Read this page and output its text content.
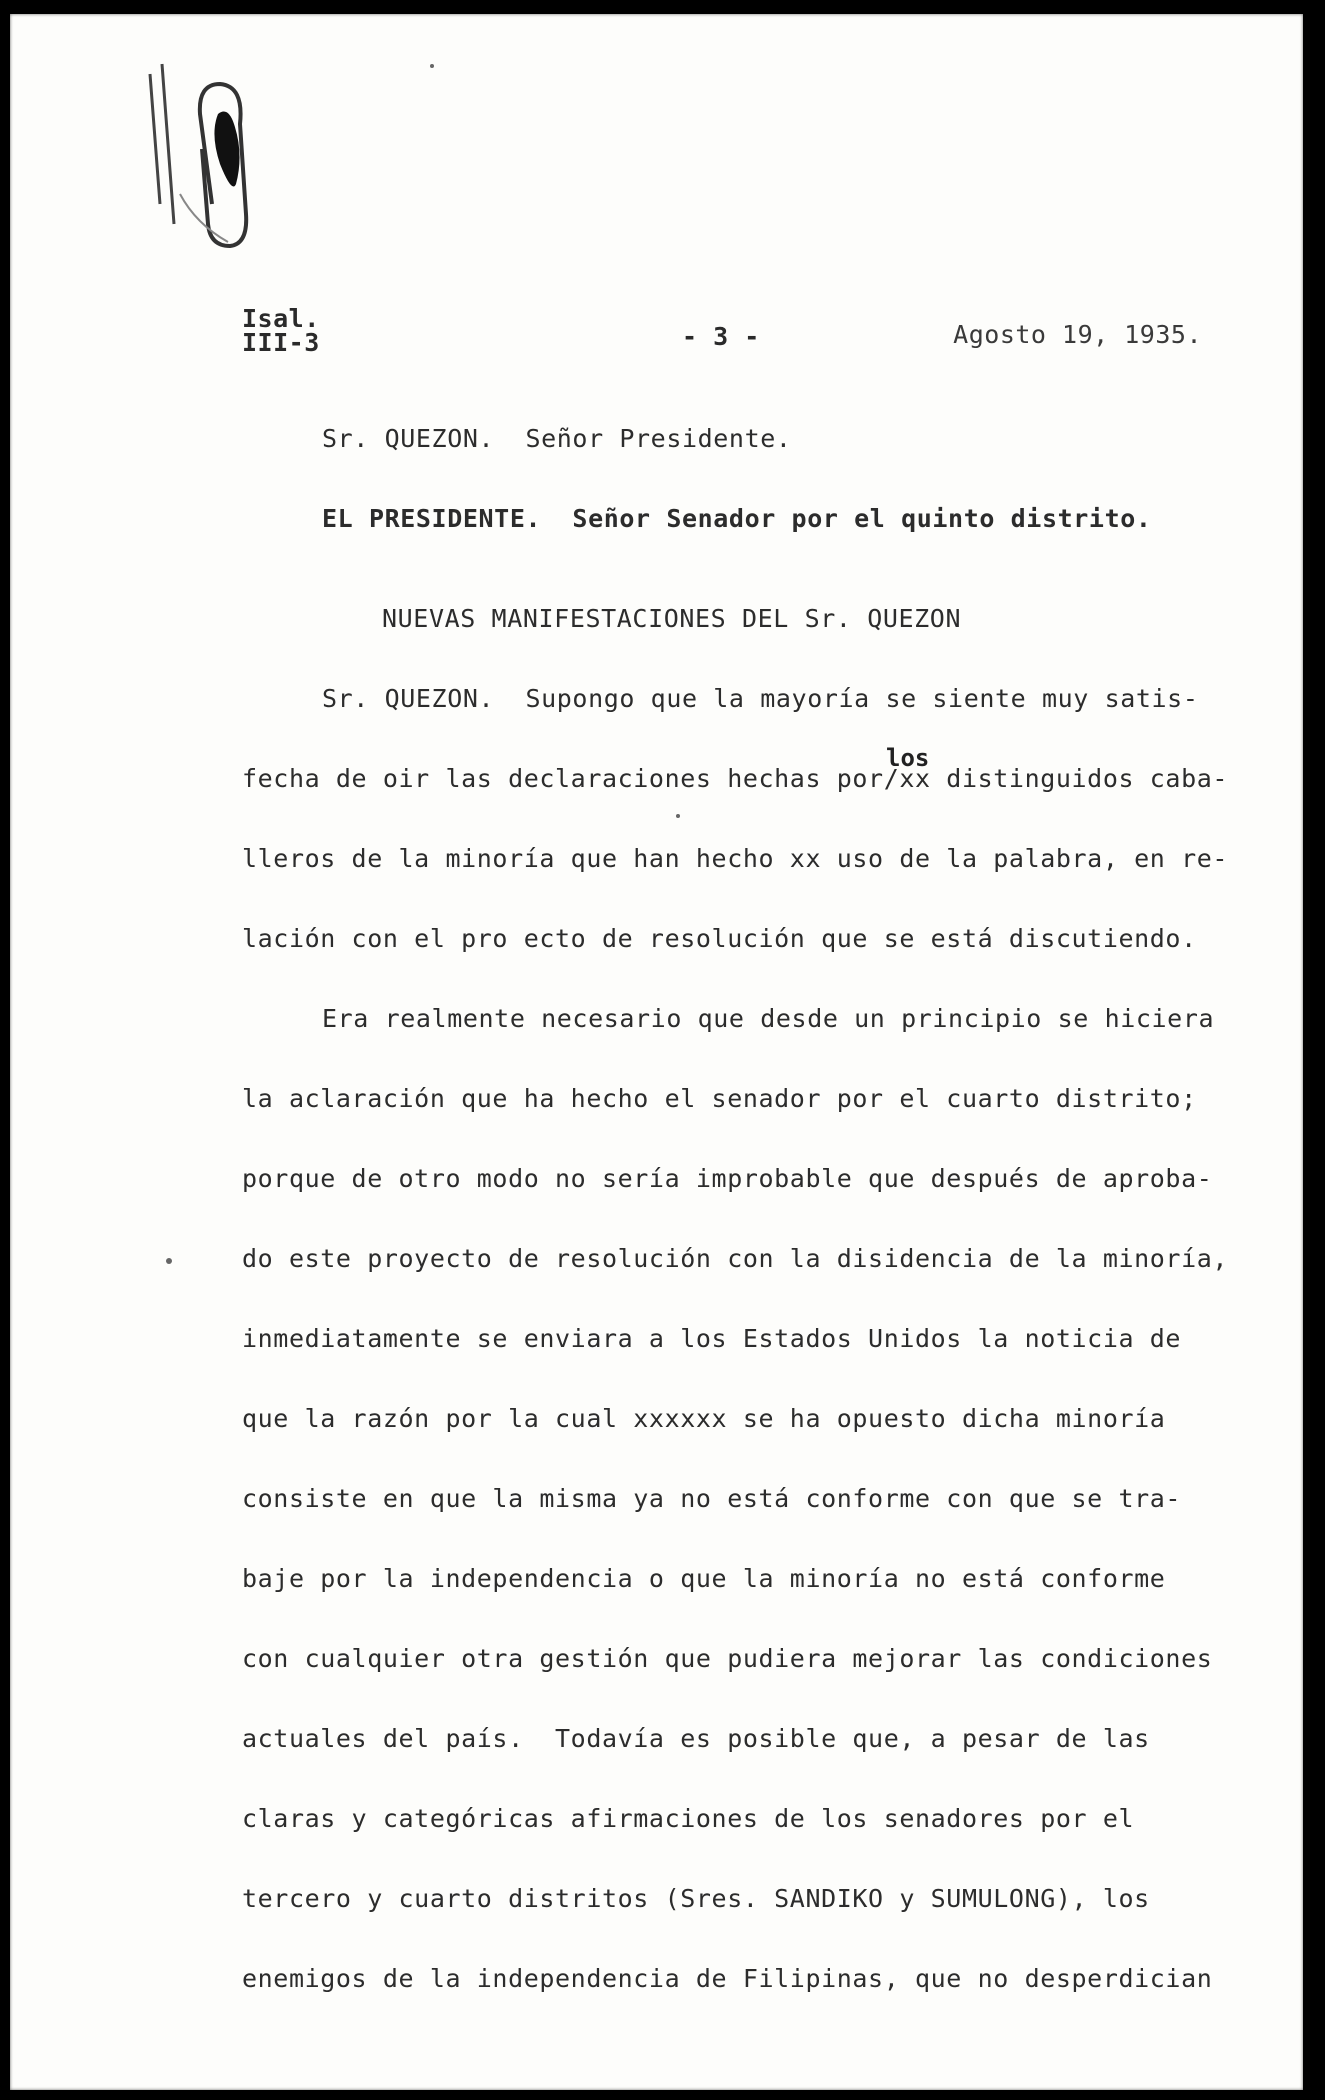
Isal.
III-3	- 3 -	Agosto 19, 1935.
Sr. QUEZON.  Señor Presidente.
EL PRESIDENTE.  Señor Senador por el quinto distrito.
NUEVAS MANIFESTACIONES DEL Sr. QUEZON
Sr. QUEZON.  Supongo que la mayoría se siente muy satis-
los
fecha de oir las declaraciones hechas por/xx distinguidos caba-
lleros de la minoría que han hecho xx uso de la palabra, en re-
lación con el pro ecto de resolución que se está discutiendo.
Era realmente necesario que desde un principio se hiciera
la aclaración que ha hecho el senador por el cuarto distrito;
porque de otro modo no sería improbable que después de aproba-
do este proyecto de resolución con la disidencia de la minoría,
inmediatamente se enviara a los Estados Unidos la noticia de
que la razón por la cual xxxxxx se ha opuesto dicha minoría
consiste en que la misma ya no está conforme con que se tra-
baje por la independencia o que la minoría no está conforme
con cualquier otra gestión que pudiera mejorar las condiciones
actuales del país.  Todavía es posible que, a pesar de las
claras y categóricas afirmaciones de los senadores por el
tercero y cuarto distritos (Sres. SANDIKO y SUMULONG), los
enemigos de la independencia de Filipinas, que no desperdician
